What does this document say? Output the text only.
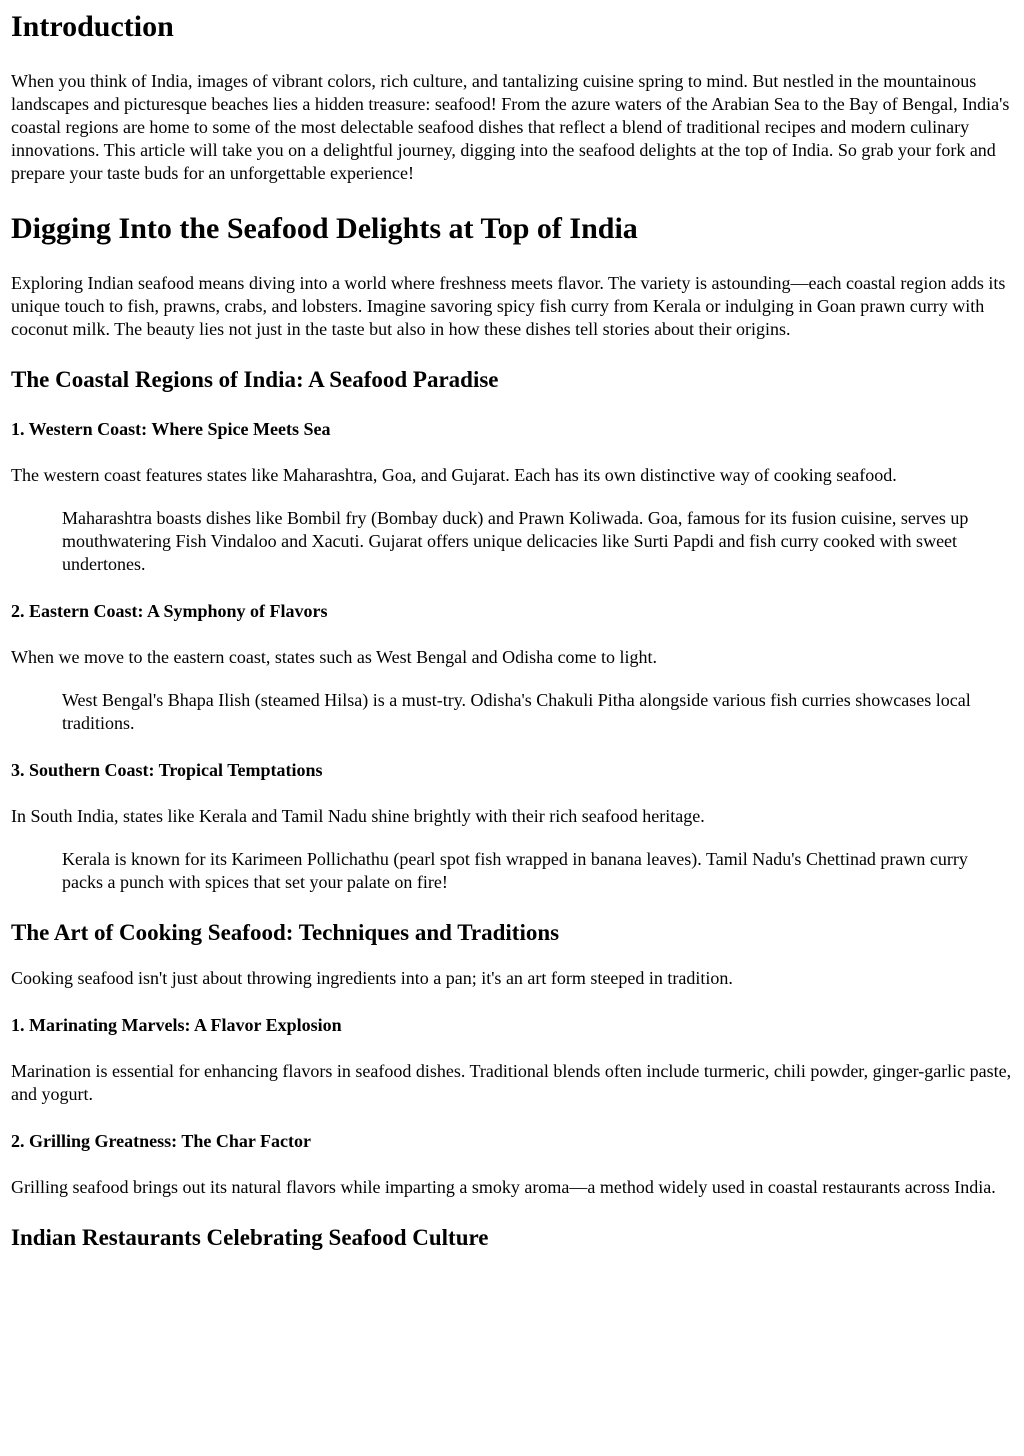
Introduction

When you think of India, images of vibrant colors, rich culture, and tantalizing cuisine spring to mind. But nestled in the mountainous landscapes and picturesque beaches lies a hidden treasure: seafood! From the azure waters of the Arabian Sea to the Bay of Bengal, India's coastal regions are home to some of the most delectable seafood dishes that reflect a blend of traditional recipes and modern culinary innovations. This article will take you on a delightful journey, digging into the seafood delights at the top of India. So grab your fork and prepare your taste buds for an unforgettable experience!

Digging Into the Seafood Delights at Top of India

Exploring Indian seafood means diving into a world where freshness meets flavor. The variety is astounding—each coastal region adds its unique touch to fish, prawns, crabs, and lobsters. Imagine savoring spicy fish curry from Kerala or indulging in Goan prawn curry with coconut milk. The beauty lies not just in the taste but also in how these dishes tell stories about their origins.

The Coastal Regions of India: A Seafood Paradise
1. Western Coast: Where Spice Meets Sea

The western coast features states like Maharashtra, Goa, and Gujarat. Each has its own distinctive way of cooking seafood.

Maharashtra boasts dishes like Bombil fry (Bombay duck) and Prawn Koliwada. Goa, famous for its fusion cuisine, serves up mouthwatering Fish Vindaloo and Xacuti. Gujarat offers unique delicacies like Surti Papdi and fish curry cooked with sweet undertones.
2. Eastern Coast: A Symphony of Flavors

When we move to the eastern coast, states such as West Bengal and Odisha come to light.

West Bengal's Bhapa Ilish (steamed Hilsa) is a must-try. Odisha's Chakuli Pitha alongside various fish curries showcases local traditions.
3. Southern Coast: Tropical Temptations

In South India, states like Kerala and Tamil Nadu shine brightly with their rich seafood heritage.

Kerala is known for its Karimeen Pollichathu (pearl spot fish wrapped in banana leaves). Tamil Nadu's Chettinad prawn curry packs a punch with spices that set your palate on fire!
The Art of Cooking Seafood: Techniques and Traditions

Cooking seafood isn't just about throwing ingredients into a pan; it's an art form steeped in tradition.

1. Marinating Marvels: A Flavor Explosion

Marination is essential for enhancing flavors in seafood dishes. Traditional blends often include turmeric, chili powder, ginger-garlic paste, and yogurt.

2. Grilling Greatness: The Char Factor

Grilling seafood brings out its natural flavors while imparting a smoky aroma—a method widely used in coastal restaurants across India.

Indian Restaurants Celebrating Seafood Culture
